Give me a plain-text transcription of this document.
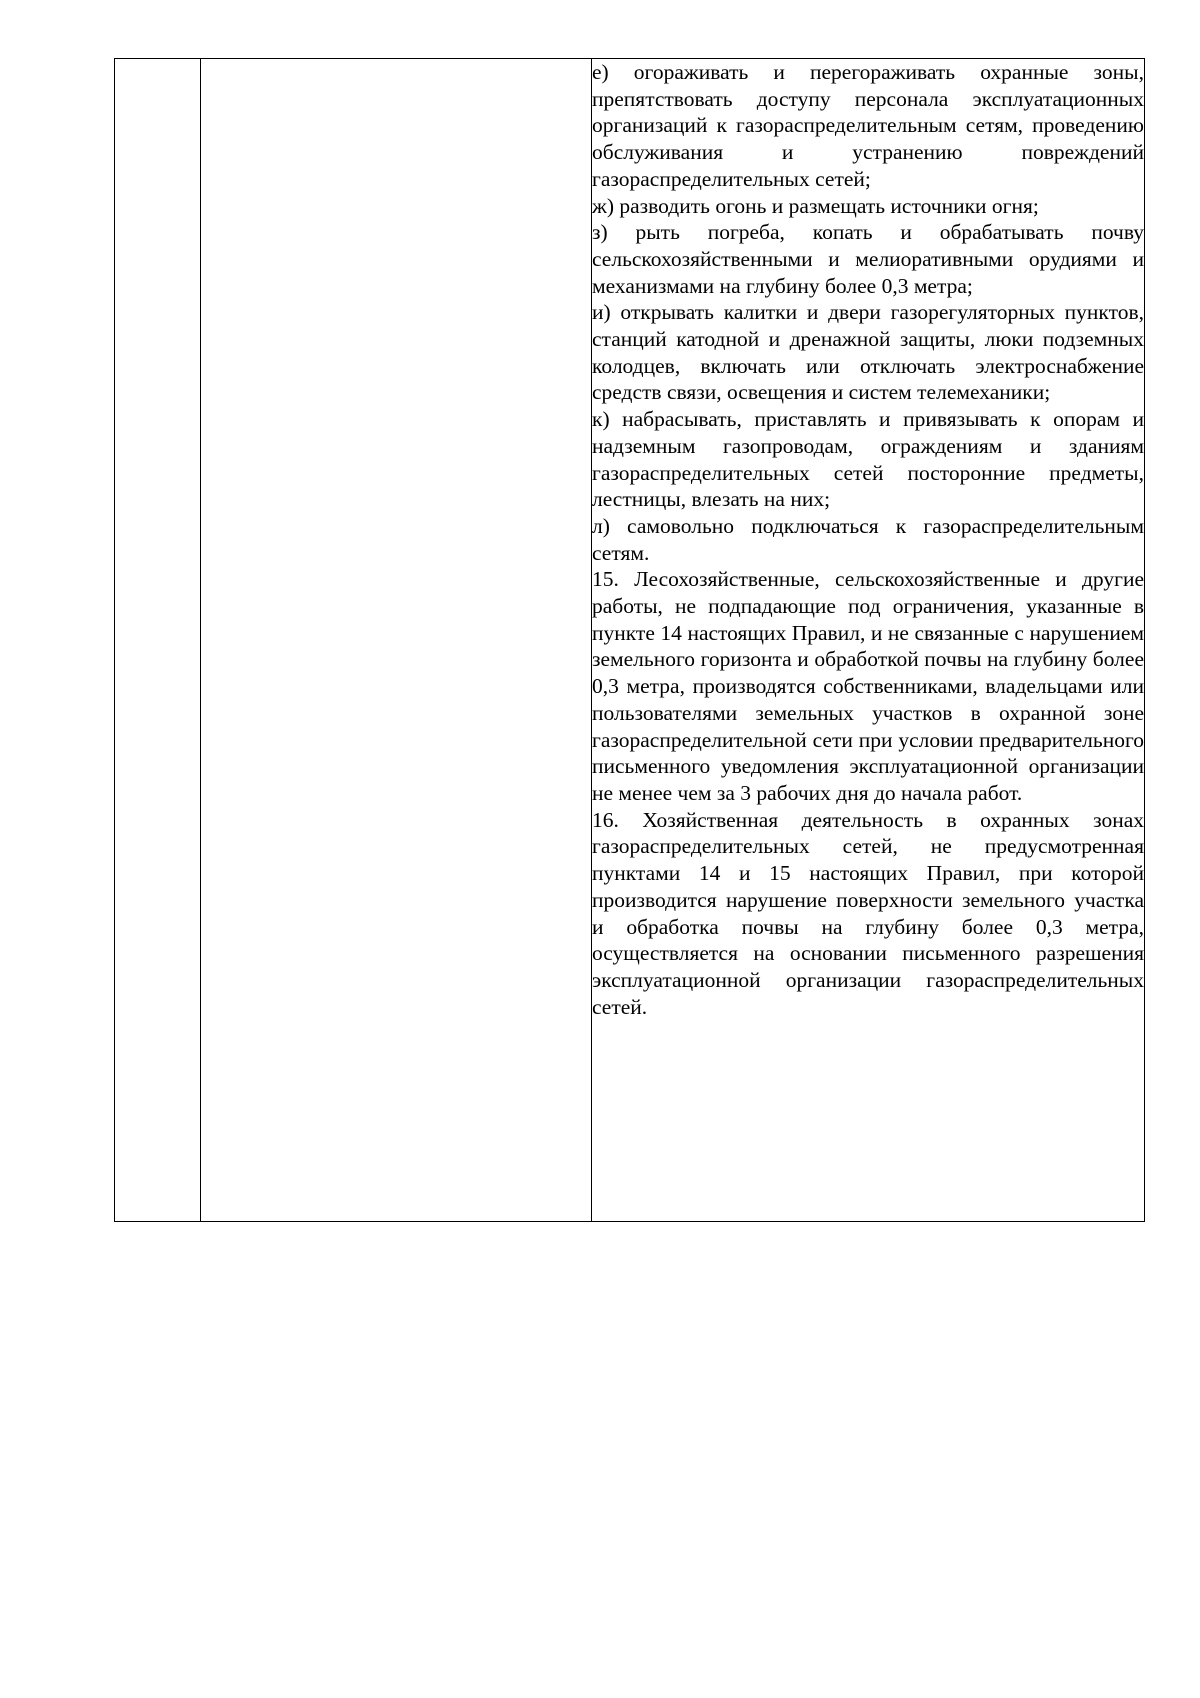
е) огораживать и перегораживать охранные зоны, препятствовать доступу персонала эксплуатационных организаций к газораспределительным сетям, проведению обслуживания и устранению повреждений газораспределительных сетей;

ж) разводить огонь и размещать источники огня;

з) рыть погреба, копать и обрабатывать почву сельскохозяйственными и мелиоративными орудиями и механизмами на глубину более 0,3 метра;

и) открывать калитки и двери газорегуляторных пунктов, станций катодной и дренажной защиты, люки подземных колодцев, включать или отключать электроснабжение средств связи, освещения и систем телемеханики;

к) набрасывать, приставлять и привязывать к опорам и надземным газопроводам, ограждениям и зданиям газораспределительных сетей посторонние предметы, лестницы, влезать на них;

л) самовольно подключаться к газораспределительным сетям.

15. Лесохозяйственные, сельскохозяйственные и другие работы, не подпадающие под ограничения, указанные в пункте 14 настоящих Правил, и не связанные с нарушением земельного горизонта и обработкой почвы на глубину более 0,3 метра, производятся собственниками, владельцами или пользователями земельных участков в охранной зоне газораспределительной сети при условии предварительного письменного уведомления эксплуатационной организации не менее чем за 3 рабочих дня до начала работ.

16. Хозяйственная деятельность в охранных зонах газораспределительных сетей, не предусмотренная пунктами 14 и 15 настоящих Правил, при которой производится нарушение поверхности земельного участка и обработка почвы на глубину более 0,3 метра, осуществляется на основании письменного разрешения эксплуатационной организации газораспределительных сетей.
